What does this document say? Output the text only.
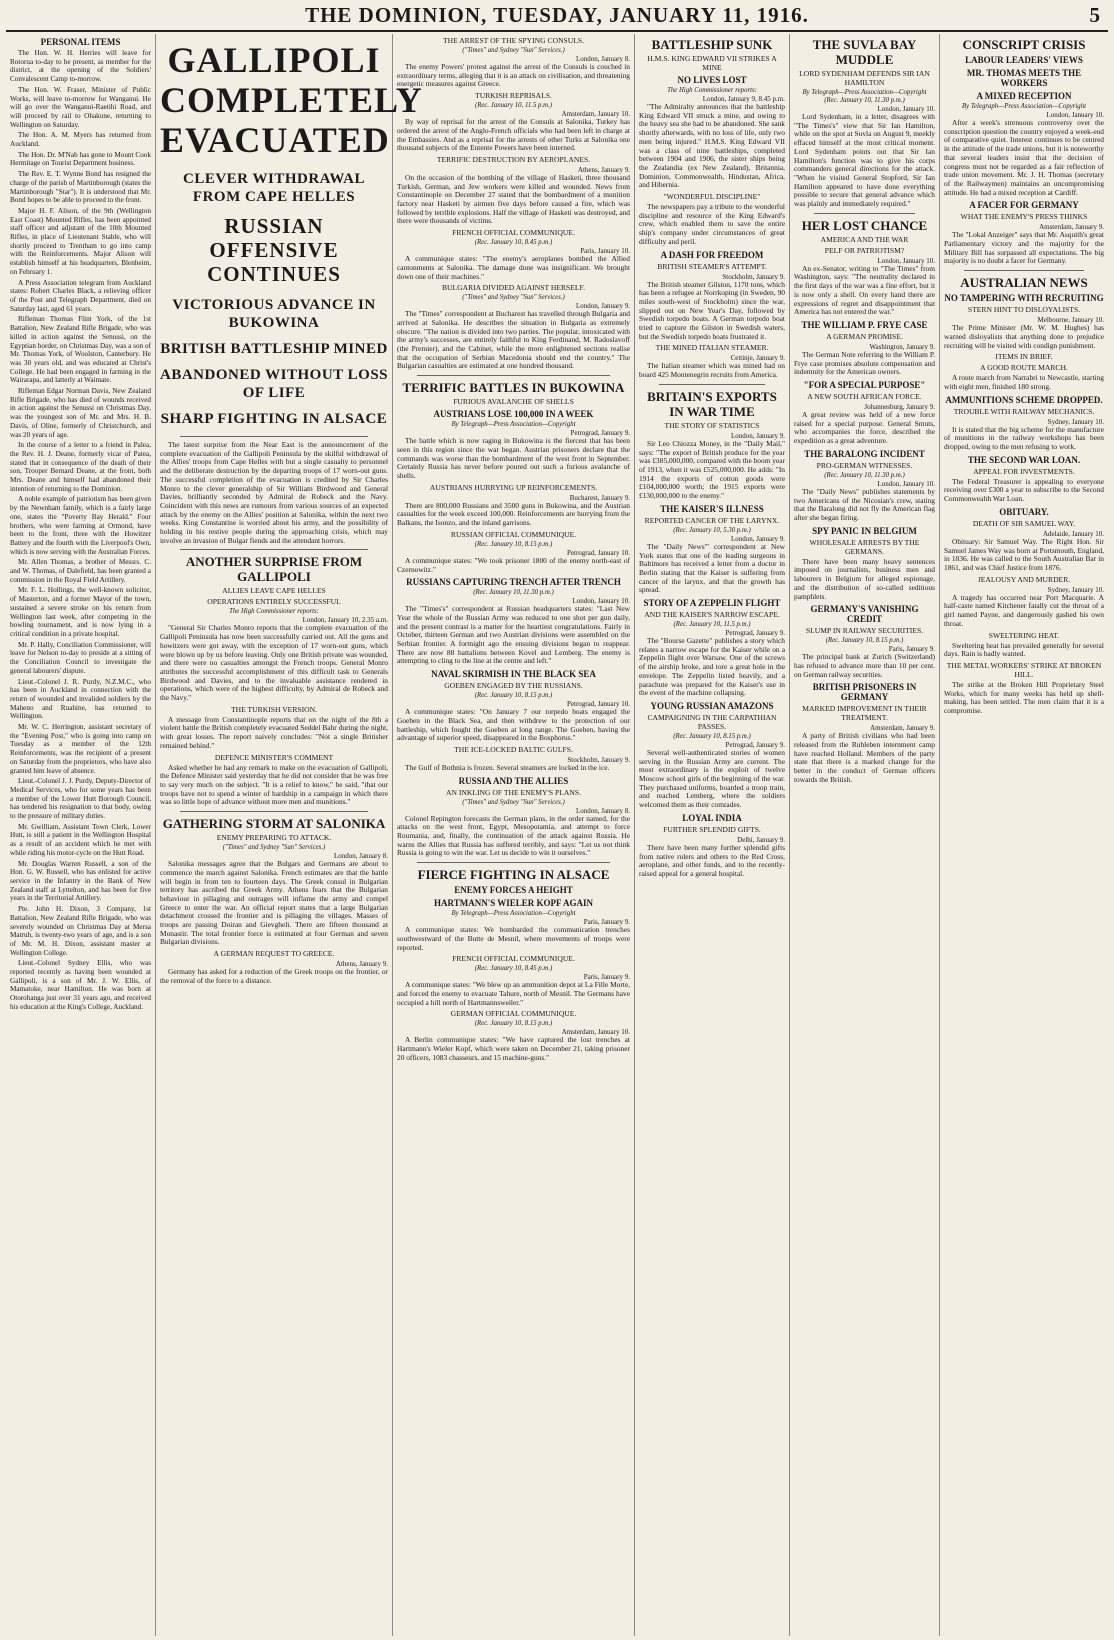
THE DOMINION, TUESDAY, JANUARY 11, 1916.	5
PERSONAL ITEMS

The Hon. W. H. Herries will leave for Rotorua to-day to be present, as member for the district, at the opening of the Soldiers' Convalescent Camp to-morrow.

The Hon. W. Fraser, Minister of Public Works, will leave to-morrow for Wanganui. He will go over the Wanganui-Raetihi Road, and will proceed by rail to Ohakune, returning to Wellington on Saturday.

The Hon. A. M. Myers has returned from Auckland.

The Hon. Dr. M'Nab has gone to Mount Cook Hermitage on Tourist Department business.

The Rev. E. T. Wynne Bond has resigned the charge of the parish of Martinborough (states the Martinborough "Star"). It is understood that Mr. Bond hopes to be able to proceed to the front.

Major H. F. Alison, of the 9th (Wellington East Coast) Mounted Rifles, has been appointed staff officer and adjutant of the 10th Mounted Rifles, in place of Lieutenant Stable, who will shortly proceed to Trentham to go into camp with the Reinforcements. Major Alison will establish himself at his headquarters, Blenheim, on February 1.

A Press Association telegram from Auckland states: Robert Charles Black, a relieving officer of the Post and Telegraph Department, died on Saturday last, aged 61 years.

Rifleman Thomas Flint York, of the 1st Battalion, New Zealand Rifle Brigade, who was killed in action against the Senussi, on the Egyptian border, on Christmas Day, was a son of Mr. Thomas York, of Woolston, Canterbury. He was 30 years old, and was educated at Christ's College. He had been engaged in farming in the Wairarapa, and latterly at Waimate.

Rifleman Edgar Norman Davis, New Zealand Rifle Brigade, who has died of wounds received in action against the Senussi on Christmas Day, was the youngest son of Mr. and Mrs. H. B. Davis, of Oline, formerly of Christchurch, and was 20 years of age.

In the course of a letter to a friend in Palea, the Rev. H. J. Deane, formerly vicar of Patea, stated that in consequence of the death of their son, Trooper Bernard Deane, at the front, both Mrs. Deane and himself had abandoned their intention of returning to the Dominion.

A noble example of patriotism has been given by the Newnham family, which is a fairly large one, states the "Poverty Bay Herald." Four brothers, who were farming at Ormond, have been to the front, three with the Howitzer Battery and the fourth with the Liverpool's Own, which is now serving with the Australian Forces.

Mr. Allen Thomas, a brother of Messrs. C. and W. Thomas, of Dalefield, has been granted a commission in the Royal Field Artillery.

Mr. F. L. Hollings, the well-known solicitor, of Masterton, and a former Mayor of the town, sustained a severe stroke on his return from Wellington last week, after competing in the bowling tournament, and is now lying in a critical condition in a private hospital.

Mr. P. Hally, Conciliation Commissioner, will leave for Nelson to-day to preside at a sitting of the Conciliation Council to investigate the general labourers' dispute.

Lieut.-Colonel J. R. Purdy, N.Z.M.C., who has been in Auckland in connection with the return of wounded and invalided soldiers by the Maheno and Ruahine, has returned to Wellington.

Mr. W. C. Herrington, assistant secretary of the "Evening Post," who is going into camp on Tuesday as a member of the 12th Reinforcements, was the recipient of a present on Saturday from the proprietors, who have also granted him leave of absence.

Lieut.-Colonel J. J. Purdy, Deputy-Director of Medical Services, who for some years has been a member of the Lower Hutt Borough Council, has tendered his resignation to that body, owing to the pressure of military duties.

Mr. Gwilliam, Assistant Town Clerk, Lower Hutt, is still a patient in the Wellington Hospital as a result of an accident which he met with while riding his motor-cycle on the Hutt Road.

Mr. Douglas Warren Russell, a son of the Hon. G. W. Russell, who has enlisted for active service in the Infantry in the Bank of New Zealand staff at Lyttelton, and has been for five years in the Territorial Artillery.

Pte. John H. Dixon, 3 Company, 1st Battalion, New Zealand Rifle Brigade, who was severely wounded on Christmas Day at Mersa Matruh, is twenty-two years of age, and is a son of Mr. M. H. Dixon, assistant master at Wellington College.

Lieut.-Colonel Sydney Ellis, who was reported recently as having been wounded at Gallipoli, is a son of Mr. J. W. Ellis, of Mamatoke, near Hamilton. He was born at Otorohanga just over 31 years ago, and received his education at the King's College, Auckland.

GALLIPOLI COMPLETELY EVACUATED
CLEVER WITHDRAWAL FROM CAPE HELLES
RUSSIAN OFFENSIVE CONTINUES
VICTORIOUS ADVANCE IN BUKOWINA
BRITISH BATTLESHIP MINED
ABANDONED WITHOUT LOSS OF LIFE
SHARP FIGHTING IN ALSACE

The latest surprise from the Near East is the announcement of the complete evacuation of the Gallipoli Peninsula by the skilful withdrawal of the Allies' troops from Cape Helles with but a single casualty to personnel and the deliberate destruction by the departing troops of 17 worn-out guns. The successful completion of the evacuation is credited by Sir Charles Monro to the clever generalship of Sir William Birdwood and General Davies, brilliantly seconded by Admiral de Robeck and the Navy. Coincident with this news are rumours from various sources of an expected attack by the enemy on the Allies' position at Salonika, within the next two weeks. King Constantine is worried about his army, and the possibility of holding in his restive people during the approaching crisis, which may involve an invasion of Bulgar fiends and the attendant horrors.

ANOTHER SURPRISE FROM GALLIPOLI
ALLIES LEAVE CAPE HELLES
OPERATIONS ENTIRELY SUCCESSFUL
The High Commissioner reports:
London, January 10, 2.35 a.m.

"General Sir Charles Monro reports that the complete evacuation of the Gallipoli Peninsula has now been successfully carried out. All the guns and howitzers were got away, with the exception of 17 worn-out guns, which were blown up by us before leaving. Only one British private was wounded, and there were no casualties amongst the French troops. General Monro attributes the successful accomplishment of this difficult task to Generals Birdwood and Davies, and to the invaluable assistance rendered in operations, which were of the highest difficulty, by Admiral de Robeck and the Navy."

THE TURKISH VERSION.

A message from Constantinople reports that on the night of the 8th a violent battle the British completely evacuated Seddel Bahr during the night, with great losses. The report naively concludes: "Not a single Britisher remained behind."

DEFENCE MINISTER'S COMMENT

Asked whether he had any remark to make on the evacuation of Gallipoli, the Defence Minister said yesterday that he did not consider that he was free to say very much on the subject. "It is a relief to know," he said, "that our troops have not to spend a winter of hardship in a campaign in which there was so little hope of advance without more men and munitions."

GATHERING STORM AT SALONIKA
ENEMY PREPARING TO ATTACK.
("Times" and Sydney "Sun" Services.)
London, January 8.

Salonika messages agree that the Bulgars and Germans are about to commence the march against Salonika. French estimates are that the battle will begin in from ten to fourteen days. The Greek consul in Bulgarian territory has ascribed the Greek Army. Athens fears that the Bulgarian behaviour in pillaging and outrages will inflame the army and compel Greece to enter the war. An official report states that a large Bulgarian detachment crossed the frontier and is pillaging the villages. Masses of troops are passing Doiran and Gievgheli. There are fifteen thousand at Monastir. The total frontier force is estimated at four German and seven Bulgarian divisions.

A GERMAN REQUEST TO GREECE.
Athens, January 9.

Germany has asked for a reduction of the Greek troops on the frontier, or the removal of the force to a distance.

THE ARREST OF THE SPYING CONSULS.
("Times" and Sydney "Sun" Services.)
London, January 8.

The enemy Powers' protest against the arrest of the Consuls is couched in extraordinary terms, alleging that it is an attack on civilisation, and threatening energetic measures against Greece.

TURKISH REPRISALS.
(Rec. January 10, 11.5 p.m.)
Amsterdam, January 10.

By way of reprisal for the arrest of the Consuls at Salonika, Turkey has ordered the arrest of the Anglo-French officials who had been left in charge at the Embassies. And as a reprisal for the arrests of other Turks at Salonika one thousand subjects of the Entente Powers have been interned.

TERRIFIC DESTRUCTION BY AEROPLANES.
Athens, January 9.

On the occasion of the bombing of the village of Hasketi, three thousand Turkish, German, and Jew workers were killed and wounded. News from Constantinople on December 27 stated that the bombardment of a munition factory near Hasketi by airmen five days before caused a fire, which was followed by terrible explosions. Half the village of Hasketi was destroyed, and there were thousands of victims.

FRENCH OFFICIAL COMMUNIQUE.
(Rec. January 10, 8.45 p.m.)
Paris, January 10.

A communique states: "The enemy's aeroplanes bombed the Allied cantonments at Salonika. The damage done was insignificant. We brought down one of their machines."

BULGARIA DIVIDED AGAINST HERSELF.
("Times" and Sydney "Sun" Services.)
London, January 9.

The "Times" correspondent at Bucharest has travelled through Bulgaria and arrived at Salonika. He describes the situation in Bulgaria as extremely obscure. "The nation is divided into two parties. The popular, intoxicated with the army's successes, are entirely faithful to King Ferdinand, M. Radoslavoff (the Premier), and the Cabinet, while the more enlightened sections realise that the occupation of Serbian Macedonia should end the country." The Bulgarian casualties are estimated at one hundred thousand.

TERRIFIC BATTLES IN BUKOWINA
FURIOUS AVALANCHE OF SHELLS
AUSTRIANS LOSE 100,000 IN A WEEK
By Telegraph—Press Association—Copyright
Petrograd, January 9.

The battle which is now raging in Bukowina is the fiercest that has been seen in this region since the war began. Austrian prisoners declare that the commands was worse than the bombardment of the west front in September. Certainly Russia has never before poured out such a furious avalanche of shells.

AUSTRIANS HURRYING UP REINFORCEMENTS.
Bucharest, January 9.

There are 800,000 Russians and 3500 guns in Bukowina, and the Austrian casualties for the week exceed 100,000. Reinforcements are hurrying from the Balkans, the Isonzo, and the inland garrisons.

RUSSIAN OFFICIAL COMMUNIQUE.
(Rec. January 10, 8.15 p.m.)
Petrograd, January 10.

A communique states: "We took prisoner 1800 of the enemy north-east of Czernowitz."

RUSSIANS CAPTURING TRENCH AFTER TRENCH
(Rec. January 10, 11.30 p.m.)
London, January 10.

The "Times's" correspondent at Russian headquarters states: "Last New Year the whole of the Russian Army was reduced to one shot per gun daily, and the present contrast is a matter for the heartiest congratulations. Fairly in October, thirteen German and two Austrian divisions were assembled on the Serbian frontier. A fortnight ago the ensuing divisions began to reappear. There are now 88 battalions between Kovel and Lemberg. The enemy is attempting to cling to the line at the centre and left."

NAVAL SKIRMISH IN THE BLACK SEA
GOEBEN ENGAGED BY THE RUSSIANS.
(Rec. January 10, 8.15 p.m.)
Petrograd, January 10.

A communique states: "On January 7 our torpedo boats engaged the Goeben in the Black Sea, and then withdrew to the protection of our battleship, which fought the Goeben at long range. The Goeben, having the advantage of superior speed, disappeared in the Bosphorus."

THE ICE-LOCKED BALTIC GULFS.
Stockholm, January 9.

The Gulf of Bothnia is frozen. Several steamers are locked in the ice.

RUSSIA AND THE ALLIES
AN INKLING OF THE ENEMY'S PLANS.
("Times" and Sydney "Sun" Services.)
London, January 8.

Colonel Repington forecasts the German plans, in the order named, for the attacks on the west front, Egypt, Mesopotamia, and attempt to force Roumania, and, finally, the continuation of the attack against Russia. He warns the Allies that Russia has suffered terribly, and says: "Let us not think Russia is going to win the war. Let us decide to win it ourselves."

FIERCE FIGHTING IN ALSACE
ENEMY FORCES A HEIGHT
HARTMANN'S WIELER KOPF AGAIN
By Telegraph—Press Association—Copyright
Paris, January 9.

A communique states: We bombarded the communication trenches southwestward of the Butte de Mesnil, where movements of troops were reported.

FRENCH OFFICIAL COMMUNIQUE.
(Rec. January 10, 8.45 p.m.)
Paris, January 9.

A communique states: "We blew up an ammunition depot at La Fille Morte, and forced the enemy to evacuate Tahure, north of Mesnil. The Germans have occupied a hill north of Hartmannsweiler."

GERMAN OFFICIAL COMMUNIQUE.
(Rec. January 10, 8.15 p.m.)
Amsterdam, January 10.

A Berlin communique states: "We have captured the lost trenches at Hartmann's Wieler Kopf, which were taken on December 21, taking prisoner 20 officers, 1083 chasseurs, and 15 machine-guns."

BATTLESHIP SUNK
H.M.S. KING EDWARD VII STRIKES A MINE
NO LIVES LOST
The High Commissioner reports:
London, January 9, 8.45 p.m.

"The Admiralty announces that the battleship King Edward VII struck a mine, and owing to the heavy sea she had to be abandoned. She sank shortly afterwards, with no loss of life, only two men being injured." H.M.S. King Edward VII was a class of nine battleships, completed between 1904 and 1906, the sister ships being the Zealandia (ex New Zealand), Britannia, Dominion, Commonwealth, Hindustan, Africa, and Hibernia.

"WONDERFUL DISCIPLINE"

The newspapers pay a tribute to the wonderful discipline and resource of the King Edward's crew, which enabled them to save the entire ship's company under circumstances of great difficulty and peril.

A DASH FOR FREEDOM
BRITISH STEAMER'S ATTEMPT.
Stockholm, January 9.

The British steamer Gilston, 1170 tons, which has been a refugee at Norrkoping (in Sweden, 90 miles south-west of Stockholm) since the war, slipped out on New Year's Day, followed by Swedish torpedo boats. A German torpedo boat tried to capture the Gilston in Swedish waters, but the Swedish torpedo boats frustrated it.

THE MINED ITALIAN STEAMER.
Cettinje, January 9.

The Italian steamer which was mined had on board 425 Montenegrin recruits from America.

BRITAIN'S EXPORTS IN WAR TIME
THE STORY OF STATISTICS
London, January 9.

Sir Leo Chiozza Money, in the "Daily Mail," says: "The export of British produce for the year was £385,000,000, compared with the boom year of 1913, when it was £525,000,000. He adds: "In 1914 the exports of cotton goods were £104,000,000 worth; the 1915 exports were £130,000,000 to the enemy."

THE KAISER'S ILLNESS
REPORTED CANCER OF THE LARYNX.
(Rec. January 10, 5.30 p.m.)
London, January 9.

The "Daily News'" correspondent at New York states that one of the leading surgeons in Baltimore has received a letter from a doctor in Berlin stating that the Kaiser is suffering from cancer of the larynx, and that the growth has spread.

STORY OF A ZEPPELIN FLIGHT
AND THE KAISER'S NARROW ESCAPE.
(Rec. January 10, 11.5 p.m.)
Petrograd, January 9.

The "Bourse Gazette" publishes a story which relates a narrow escape for the Kaiser while on a Zeppelin flight over Warsaw. One of the screws of the airship broke, and tore a great hole in the envelope. The Zeppelin listed heavily, and a parachute was prepared for the Kaiser's use in the event of the machine collapsing.

YOUNG RUSSIAN AMAZONS
CAMPAIGNING IN THE CARPATHIAN PASSES.
(Rec. January 10, 8.15 p.m.)
Petrograd, January 9.

Several well-authenticated stories of women serving in the Russian Army are current. The most extraordinary is the exploit of twelve Moscow school girls of the beginning of the war. They purchased uniforms, boarded a troop train, and reached Lemberg, where the soldiers welcomed them as their comrades.

LOYAL INDIA
FURTHER SPLENDID GIFTS.
Delhi, January 9.

There have been many further splendid gifts from native rulers and others to the Red Cross, aeroplane, and other funds, and to the recently-raised appeal for a general hospital.

THE SUVLA BAY MUDDLE
LORD SYDENHAM DEFENDS SIR IAN HAMILTON
By Telegraph—Press Association—Copyright
(Rec. January 10, 11.30 p.m.)
London, January 10.

Lord Sydenham, in a letter, disagrees with "The Times's" view that Sir Ian Hamilton, while on the spot at Suvla on August 9, meekly effaced himself at the most critical moment. Lord Sydenham points out that Sir Ian Hamilton's function was to give his corps commanders general directions for the attack. "When he visited General Stopford, Sir Ian Hamilton appeared to have done everything possible to secure that general advance which was plainly and immediately required."

HER LOST CHANCE
AMERICA AND THE WAR
PELF OR PATRIOTISM?
London, January 10.

An ex-Senator, writing to "The Times" from Washington, says: "The neutrality declared in the first days of the war was a fine effort, but it is now only a shell. On every hand there are expressions of regret and disappointment that America has not entered the war."

THE WILLIAM P. FRYE CASE
A GERMAN PROMISE.
Washington, January 9.

The German Note referring to the William P. Frye case promises absolute compensation and indemnity for the American owners.

"FOR A SPECIAL PURPOSE"
A NEW SOUTH AFRICAN FORCE.
Johannesburg, January 9.

A great review was held of a new force raised for a special purpose. General Smuts, who accompanies the force, described the expedition as a great adventure.

THE BARALONG INCIDENT
PRO-GERMAN WITNESSES.
(Rec. January 10, 11.30 p.m.)
London, January 10.

The "Daily News" publishes statements by two Americans of the Nicosian's crew, stating that the Baralong did not fly the American flag after she began firing.

SPY PANIC IN BELGIUM
WHOLESALE ARRESTS BY THE GERMANS.

There have been many heavy sentences imposed on journalists, business men and labourers in Belgium for alleged espionage, and the distribution of so-called seditious pamphlets.

GERMANY'S VANISHING CREDIT
SLUMP IN RAILWAY SECURITIES.
(Rec. January 10, 8.15 p.m.)
Paris, January 9.

The principal bank at Zurich (Switzerland) has refused to advance more than 10 per cent. on German railway securities.

BRITISH PRISONERS IN GERMANY
MARKED IMPROVEMENT IN THEIR TREATMENT.
Amsterdam, January 9.

A party of British civilians who had been released from the Ruhleben internment camp have reached Holland. Members of the party state that there is a marked change for the better in the conduct of German officers towards the British.

CONSCRIPT CRISIS
LABOUR LEADERS' VIEWS
MR. THOMAS MEETS THE WORKERS
A MIXED RECEPTION
By Telegraph—Press Association—Copyright
London, January 10.

After a week's strenuous controversy over the conscription question the country enjoyed a week-end of comparative quiet. Interest continues to be centred in the attitude of the trade unions, but it is noteworthy that several leaders insist that the decision of congress must not be regarded as a fair reflection of trade union movement. Mr. J. H. Thomas (secretary of the Railwaymen) maintains an uncompromising attitude. He had a mixed reception at Cardiff.

A FACER FOR GERMANY
WHAT THE ENEMY'S PRESS THINKS
Amsterdam, January 9.

The "Lokal Anzeiger" says that Mr. Asquith's great Parliamentary victory and the majority for the Military Bill has surpassed all expectations. The big majority is no doubt a facer for Germany.

AUSTRALIAN NEWS
NO TAMPERING WITH RECRUITING
STERN HINT TO DISLOYALISTS.
Melbourne, January 10.

The Prime Minister (Mr. W. M. Hughes) has warned disloyalists that anything done to prejudice recruiting will be visited with condign punishment.

ITEMS IN BRIEF.
A GOOD ROUTE MARCH.

A route march from Narrabri to Newcastle, starting with eight men, finished 180 strong.

AMMUNITIONS SCHEME DROPPED.
TROUBLE WITH RAILWAY MECHANICS.
Sydney, January 10.

It is stated that the big scheme for the manufacture of munitions in the railway workshops has been dropped, owing to the men refusing to work.

THE SECOND WAR LOAN.
APPEAL FOR INVESTMENTS.

The Federal Treasurer is appealing to everyone receiving over £300 a year to subscribe to the Second Commonwealth War Loan.

OBITUARY.
DEATH OF SIR SAMUEL WAY.
Adelaide, January 10.

Obituary: Sir Samuel Way. The Right Hon. Sir Samuel James Way was born at Portsmouth, England, in 1836. He was called to the South Australian Bar in 1861, and was Chief Justice from 1876.

JEALOUSY AND MURDER.
Sydney, January 10.

A tragedy has occurred near Port Macquarie. A half-caste named Kitchener fatally cut the throat of a girl named Payne, and dangerously gashed his own throat.

SWELTERING HEAT.

Sweltering heat has prevailed generally for several days. Rain is badly wanted.

THE METAL WORKERS' STRIKE AT BROKEN HILL.

The strike at the Broken Hill Proprietary Steel Works, which for many weeks has held up shell-making, has been settled. The men claim that it is a compromise.
